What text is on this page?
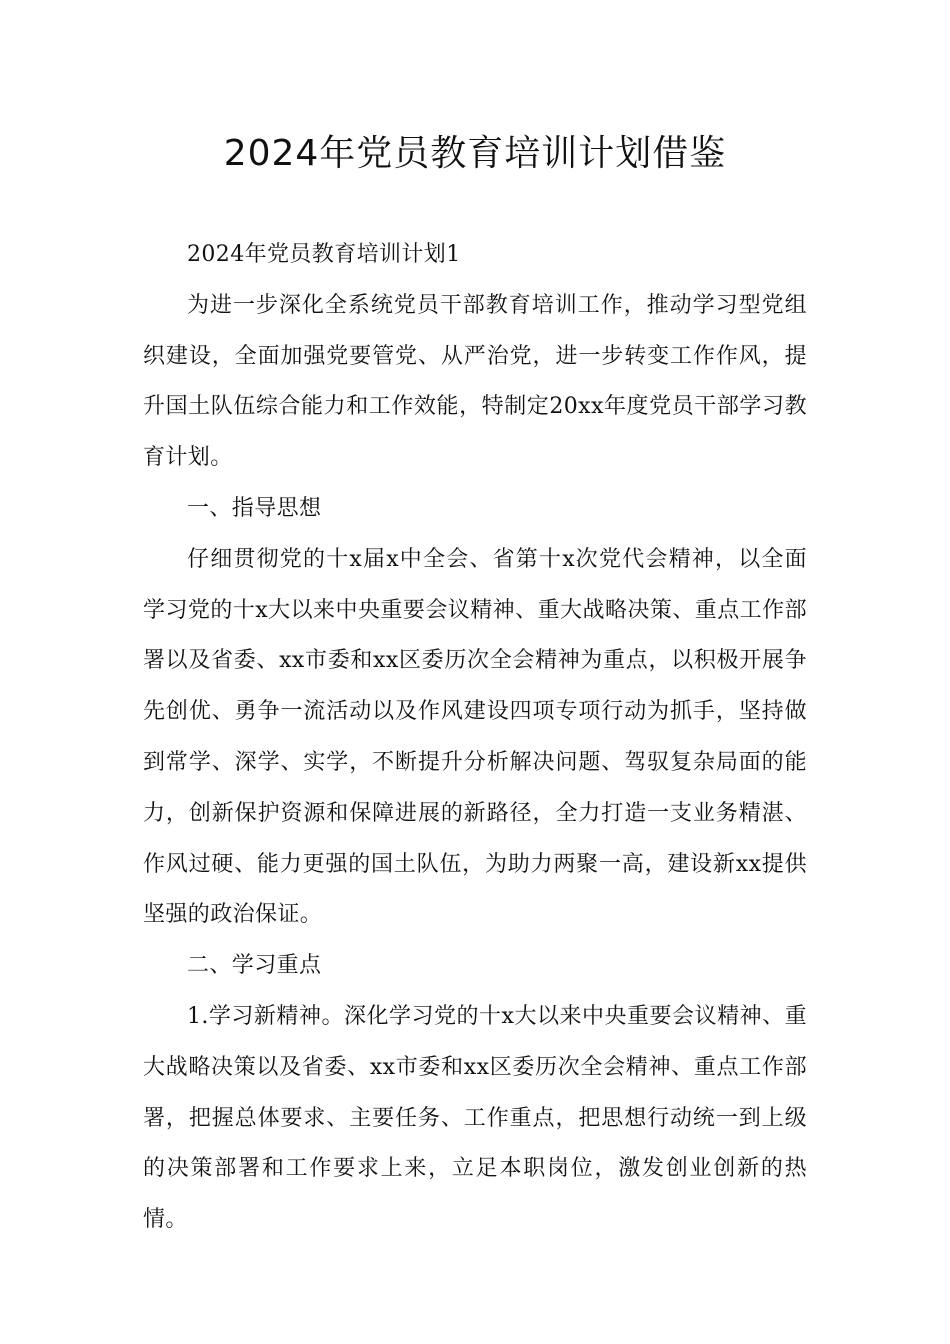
2024年党员教育培训计划借鉴

2024年党员教育培训计划1

为进一步深化全系统党员干部教育培训工作，推动学习型党组织建设，全面加强党要管党、从严治党，进一步转变工作作风，提升国土队伍综合能力和工作效能，特制定20xx年度党员干部学习教育计划。

一、指导思想

仔细贯彻党的十x届x中全会、省第十x次党代会精神，以全面学习党的十x大以来中央重要会议精神、重大战略决策、重点工作部署以及省委、xx市委和xx区委历次全会精神为重点，以积极开展争先创优、勇争一流活动以及作风建设四项专项行动为抓手，坚持做到常学、深学、实学，不断提升分析解决问题、驾驭复杂局面的能力，创新保护资源和保障进展的新路径，全力打造一支业务精湛、作风过硬、能力更强的国土队伍，为助力两聚一高，建设新xx提供坚强的政治保证。

二、学习重点

1.学习新精神。深化学习党的十x大以来中央重要会议精神、重大战略决策以及省委、xx市委和xx区委历次全会精神、重点工作部署，把握总体要求、主要任务、工作重点，把思想行动统一到上级的决策部署和工作要求上来，立足本职岗位，激发创业创新的热情。
